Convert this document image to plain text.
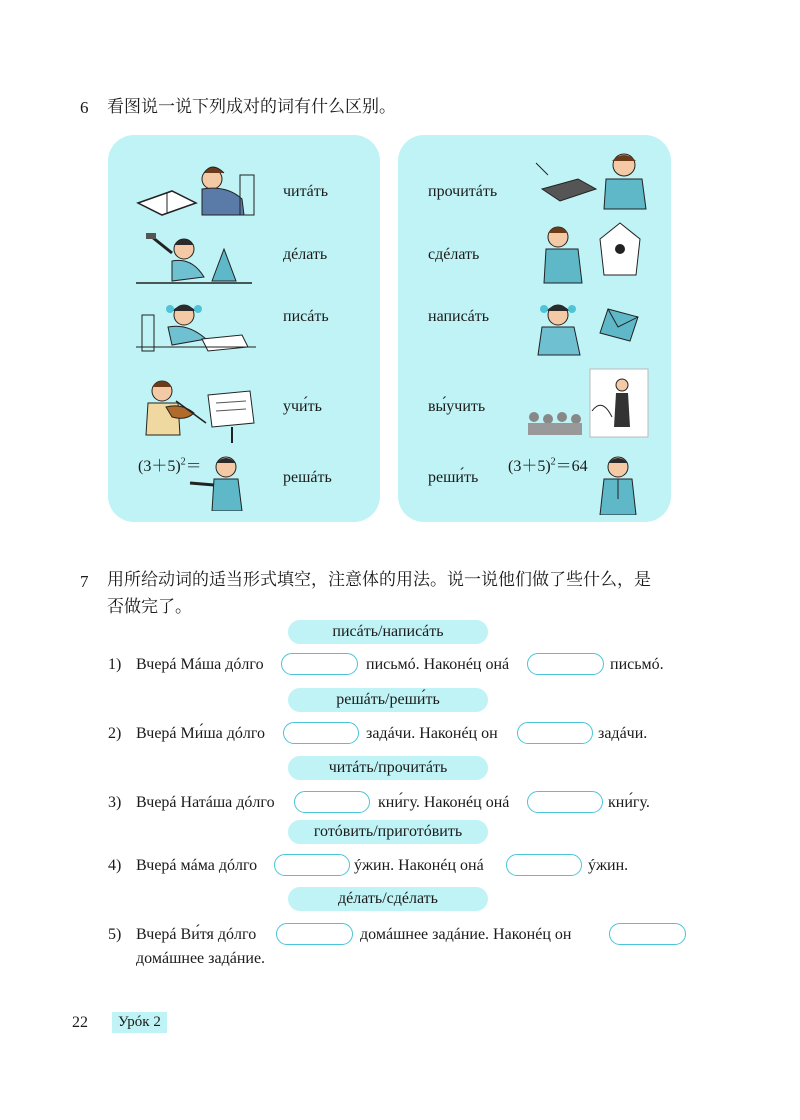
6 看图说一说下列成对的词有什么区别。
$(3+5)^2=$
читáть
дéлать
писáть
учи́ть
решáть
прочитáть
сдéлать
написáть
вы́учить
реши́ть
$(3+5)^2=64$
7 用所给动词的适当形式填空，注意体的用法。说一说他们做了些什么，是
否做完了。
писáть/написáть
1) Вчерá Мáша дóлго	письмó. Наконéц онá	письмó.
решáть/реши́ть
2) Вчерá Ми́ша дóлго	задáчи. Наконéц он	задáчи.
читáть/прочитáть
3) Вчерá Натáша дóлго	кни́гу. Наконéц онá	кни́гу.
готóвить/приготóвить
4) Вчерá мáма дóлго	ýжин. Наконéц онá	ýжин.
дéлать/сдéлать
5) Вчерá Ви́тя дóлго	домáшнее задáние. Наконéц он
домáшнее задáние.
22	Урóк 2
